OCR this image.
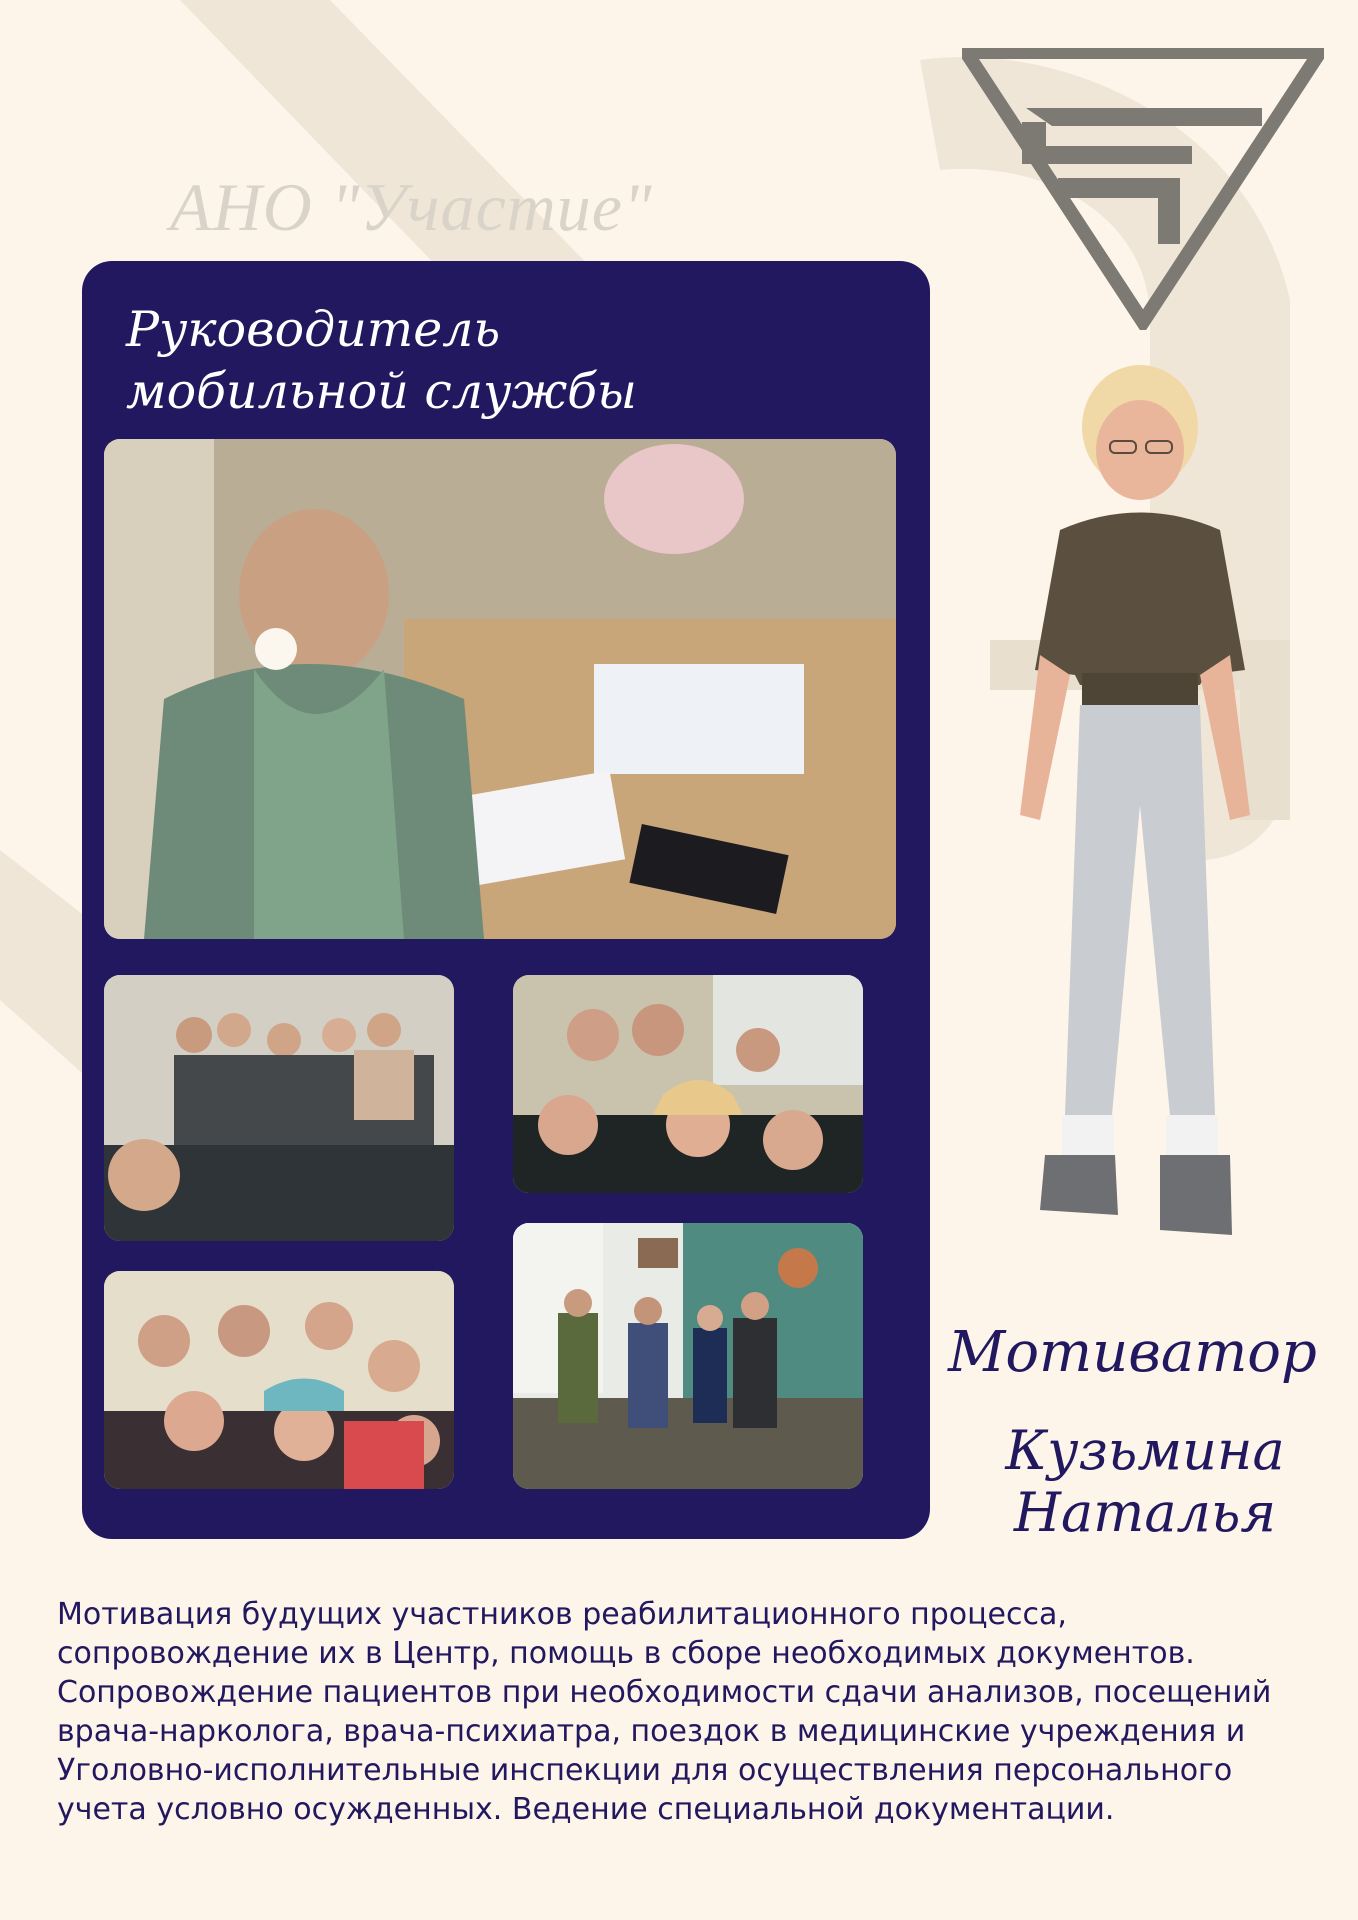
АНО "Участие"
Руководитель
мобильной службы
Мотиватор
Кузьмина
Наталья
Мотивация будущих участников реабилитационного процесса, сопровождение их в Центр, помощь в сборе необходимых документов. Сопровождение пациентов при необходимости сдачи анализов, посещений врача-нарколога, врача-психиатра, поездок в медицинские учреждения и Уголовно-исполнительные инспекции для осуществления персонального учета условно осужденных. Ведение специальной документации.
